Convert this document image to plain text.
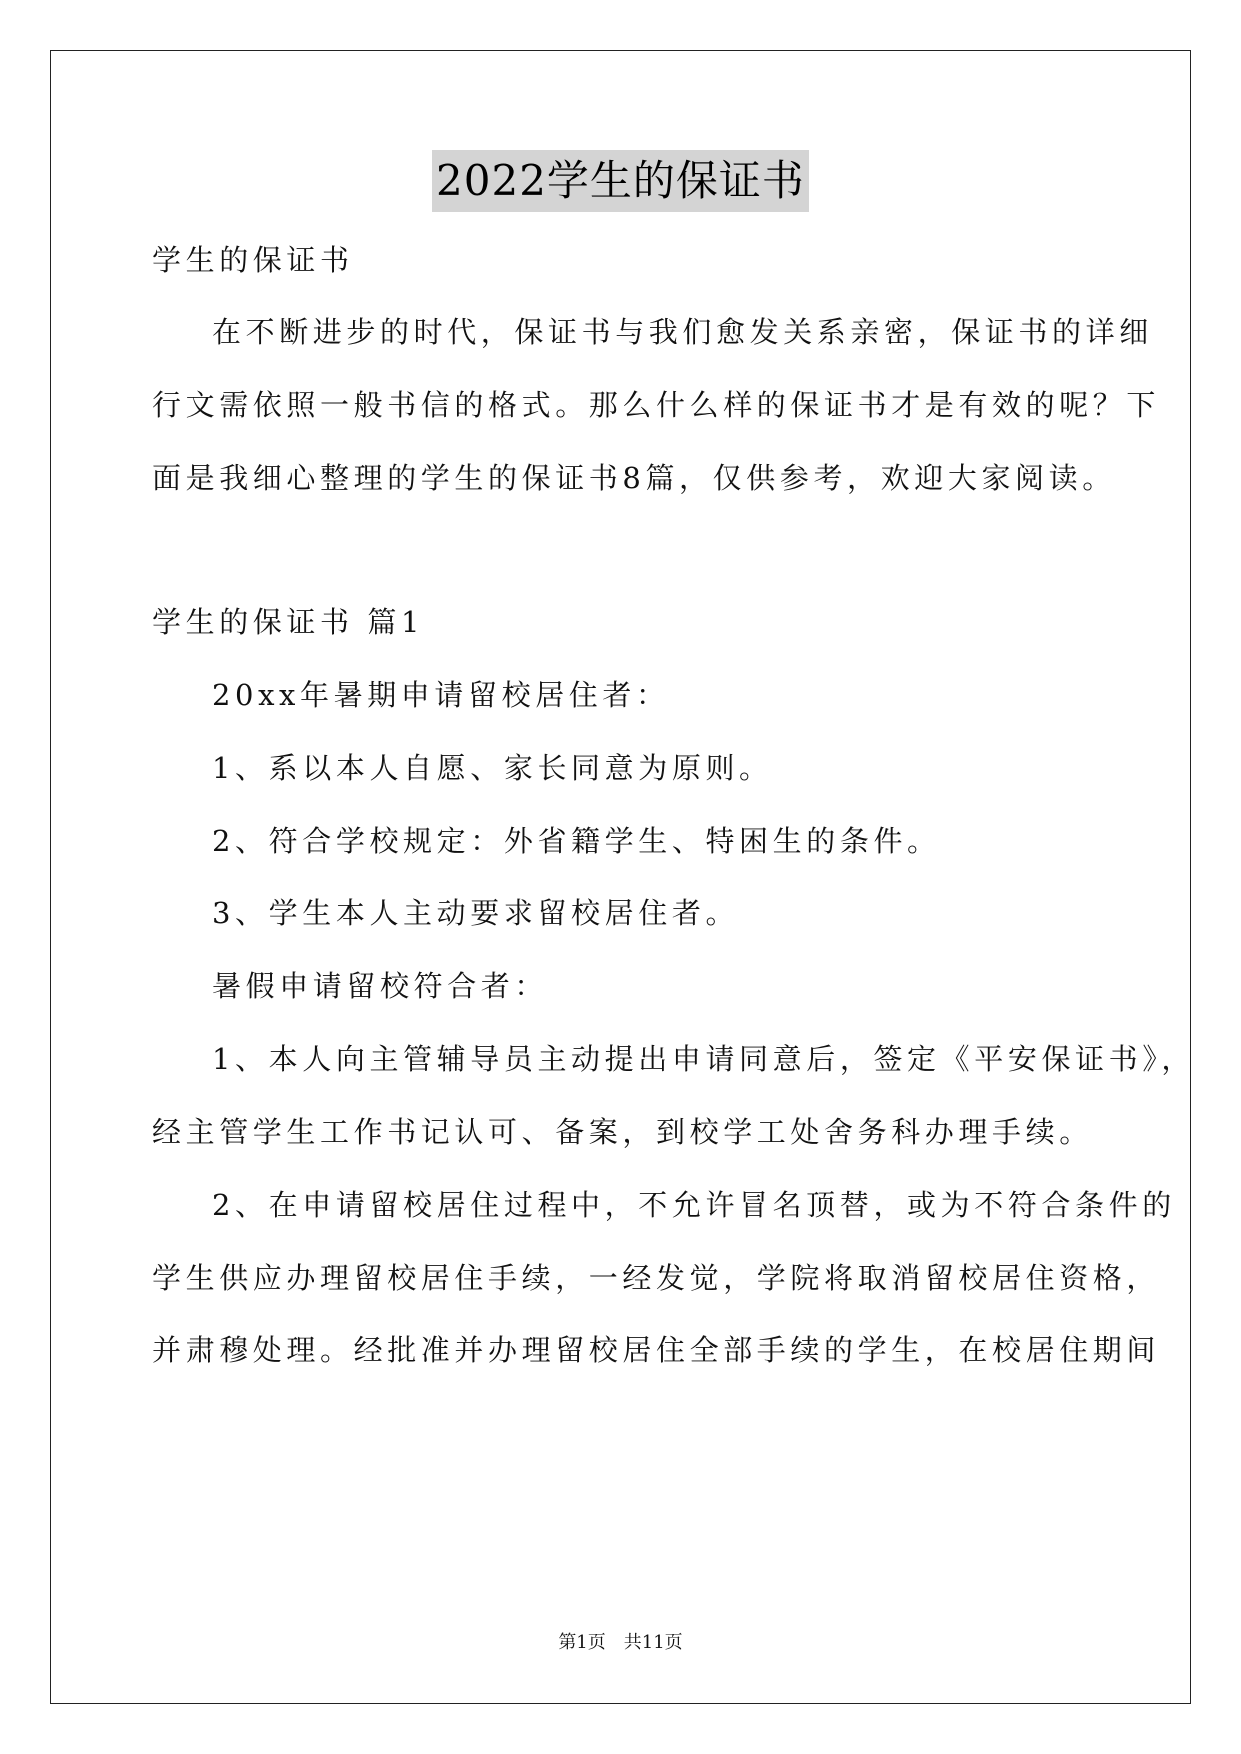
2022学生的保证书
学生的保证书
在不断进步的时代，保证书与我们愈发关系亲密，保证书的详细
行文需依照一般书信的格式。那么什么样的保证书才是有效的呢？下
面是我细心整理的学生的保证书8篇，仅供参考，欢迎大家阅读。
学生的保证书 篇1
20xx年暑期申请留校居住者：
1、系以本人自愿、家长同意为原则。
2、符合学校规定：外省籍学生、特困生的条件。
3、学生本人主动要求留校居住者。
暑假申请留校符合者：
1、本人向主管辅导员主动提出申请同意后，签定《平安保证书》，
经主管学生工作书记认可、备案，到校学工处舍务科办理手续。
2、在申请留校居住过程中，不允许冒名顶替，或为不符合条件的
学生供应办理留校居住手续，一经发觉，学院将取消留校居住资格，
并肃穆处理。经批准并办理留校居住全部手续的学生，在校居住期间
第1页 共11页
